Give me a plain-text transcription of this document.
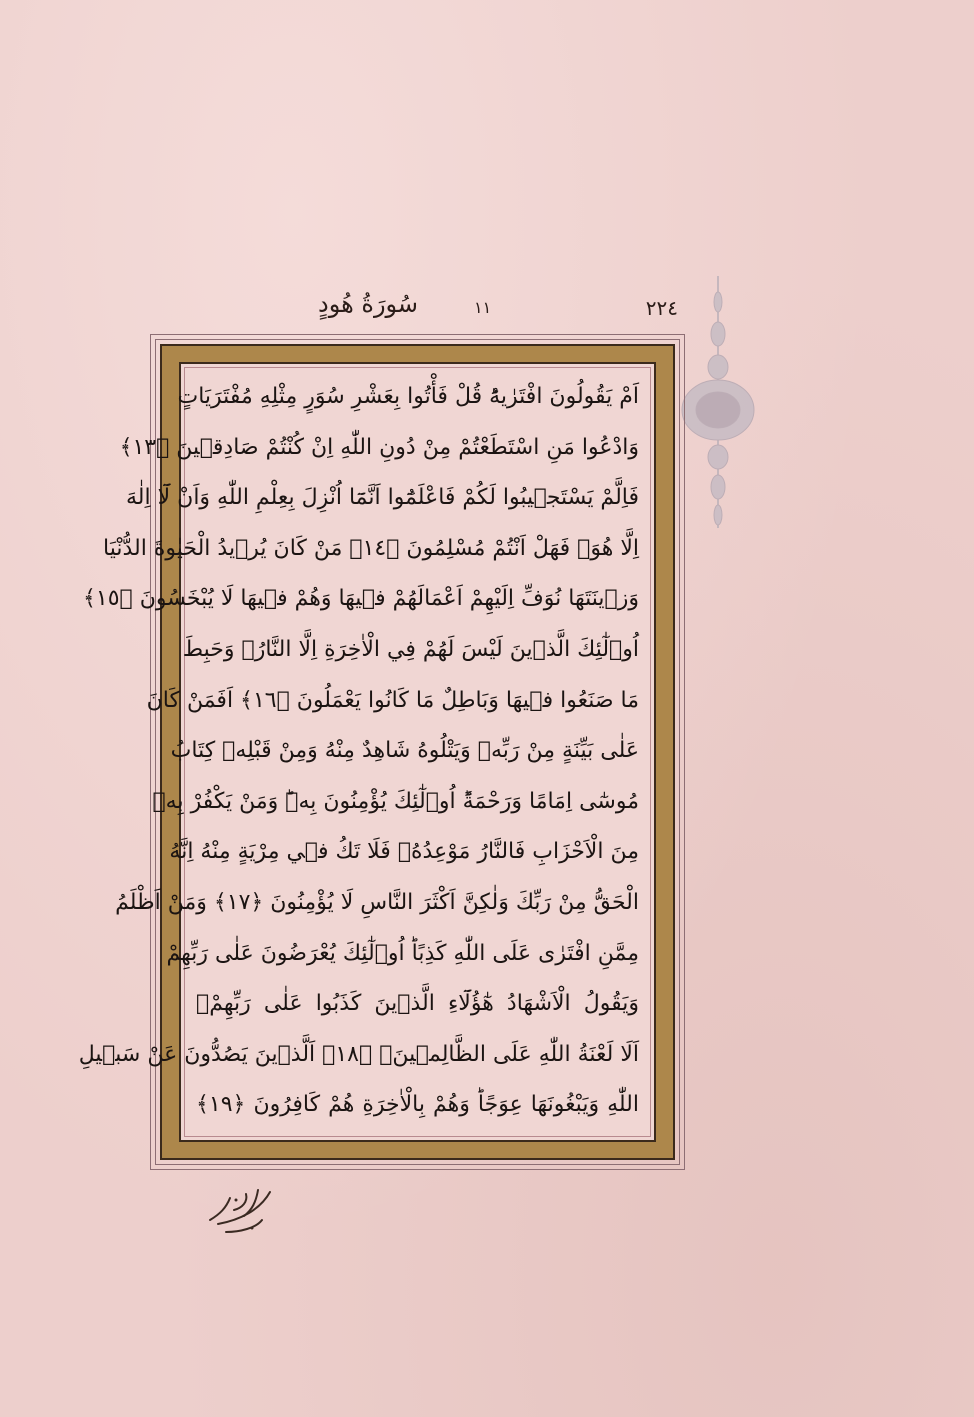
٢٢٤
سُورَةُ هُودٍ	١١
اَمْ يَقُولُونَ افْتَرٰيهُؕ قُلْ فَأْتُوا بِعَشْرِ سُوَرٍ مِثْلِهِ مُفْتَرَيَاتٍ
وَادْعُوا مَنِ اسْتَطَعْتُمْ مِنْ دُونِ اللّٰهِ اِنْ كُنْتُمْ صَادِق۪ينَ ﴿١٣﴾
فَاِلَّمْ يَسْتَج۪يبُوا لَكُمْ فَاعْلَمُٓوا اَنَّمَٓا اُنْزِلَ بِعِلْمِ اللّٰهِ وَاَنْ لَٓا اِلٰهَ
اِلَّا هُوَۚ فَهَلْ اَنْتُمْ مُسْلِمُونَ ﴿١٤﴾ مَنْ كَانَ يُر۪يدُ الْحَيٰوةَ الدُّنْيَا
وَز۪ينَتَهَا نُوَفِّ اِلَيْهِمْ اَعْمَالَهُمْ ف۪يهَا وَهُمْ ف۪يهَا لَا يُبْخَسُونَ ﴿١٥﴾
اُو۬لٰٓئِكَ الَّذ۪ينَ لَيْسَ لَهُمْ فِي الْاٰخِرَةِ اِلَّا النَّارُۘ وَحَبِطَ
مَا صَنَعُوا ف۪يهَا وَبَاطِلٌ مَا كَانُوا يَعْمَلُونَ ﴿١٦﴾ اَفَمَنْ كَانَ
عَلٰى بَيِّنَةٍ مِنْ رَبِّه۪ وَيَتْلُوهُ شَاهِدٌ مِنْهُ وَمِنْ قَبْلِه۪ كِتَابُ
مُوسٰٓى اِمَامًا وَرَحْمَةًؕ اُو۬لٰٓئِكَ يُؤْمِنُونَ بِه۪ؕ وَمَنْ يَكْفُرْ بِه۪
مِنَ الْاَحْزَابِ فَالنَّارُ مَوْعِدُهُۚ فَلَا تَكُ ف۪ي مِرْيَةٍ مِنْهُ اِنَّهُ
الْحَقُّ مِنْ رَبِّكَ وَلٰكِنَّ اَكْثَرَ النَّاسِ لَا يُؤْمِنُونَ ﴿١٧﴾ وَمَنْ اَظْلَمُ
مِمَّنِ افْتَرٰى عَلَى اللّٰهِ كَذِبًاؕ اُو۬لٰٓئِكَ يُعْرَضُونَ عَلٰى رَبِّهِمْ
وَيَقُولُ الْاَشْهَادُ هٰٓؤُلَٓاءِ الَّذ۪ينَ كَذَبُوا عَلٰى رَبِّهِمْۚ
اَلَا لَعْنَةُ اللّٰهِ عَلَى الظَّالِم۪ينَۙ ﴿١٨﴾ اَلَّذ۪ينَ يَصُدُّونَ عَنْ سَب۪يلِ
اللّٰهِ وَيَبْغُونَهَا عِوَجًاؕ وَهُمْ بِالْاٰخِرَةِ هُمْ كَافِرُونَ ﴿١٩﴾
